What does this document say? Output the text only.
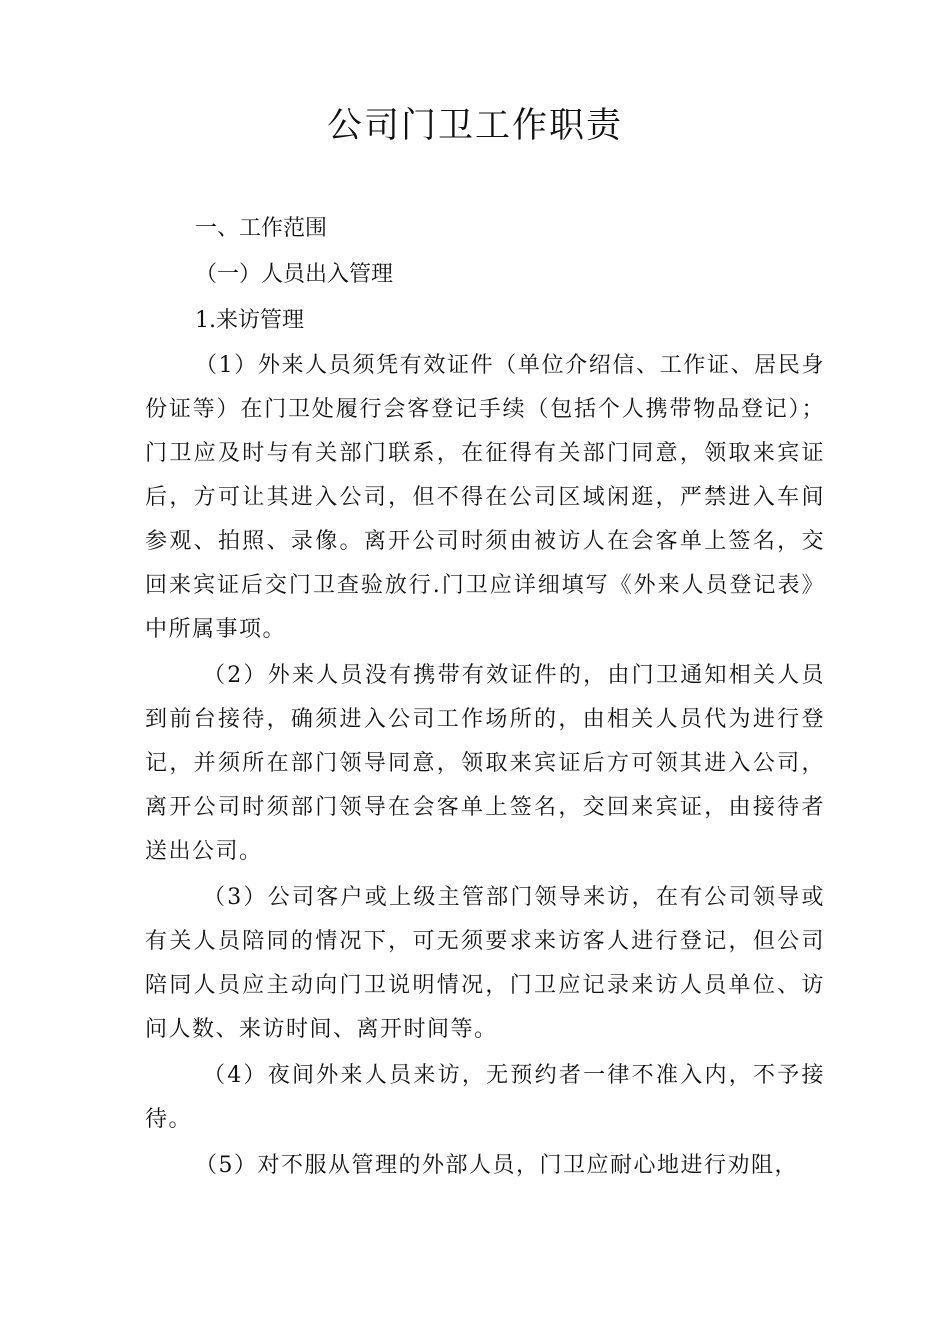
公司门卫工作职责

一、工作范围

（一）人员出入管理

1.来访管理

（1）外来人员须凭有效证件（单位介绍信、工作证、居民身份证等）在门卫处履行会客登记手续（包括个人携带物品登记）；门卫应及时与有关部门联系，在征得有关部门同意，领取来宾证后，方可让其进入公司，但不得在公司区域闲逛，严禁进入车间参观、拍照、录像。离开公司时须由被访人在会客单上签名，交回来宾证后交门卫查验放行.门卫应详细填写《外来人员登记表》中所属事项。

（2）外来人员没有携带有效证件的，由门卫通知相关人员到前台接待，确须进入公司工作场所的，由相关人员代为进行登记，并须所在部门领导同意，领取来宾证后方可领其进入公司，离开公司时须部门领导在会客单上签名，交回来宾证，由接待者送出公司。

（3）公司客户或上级主管部门领导来访，在有公司领导或有关人员陪同的情况下，可无须要求来访客人进行登记，但公司陪同人员应主动向门卫说明情况，门卫应记录来访人员单位、访问人数、来访时间、离开时间等。

（4）夜间外来人员来访，无预约者一律不准入内，不予接待。

（5）对不服从管理的外部人员，门卫应耐心地进行劝阻，
